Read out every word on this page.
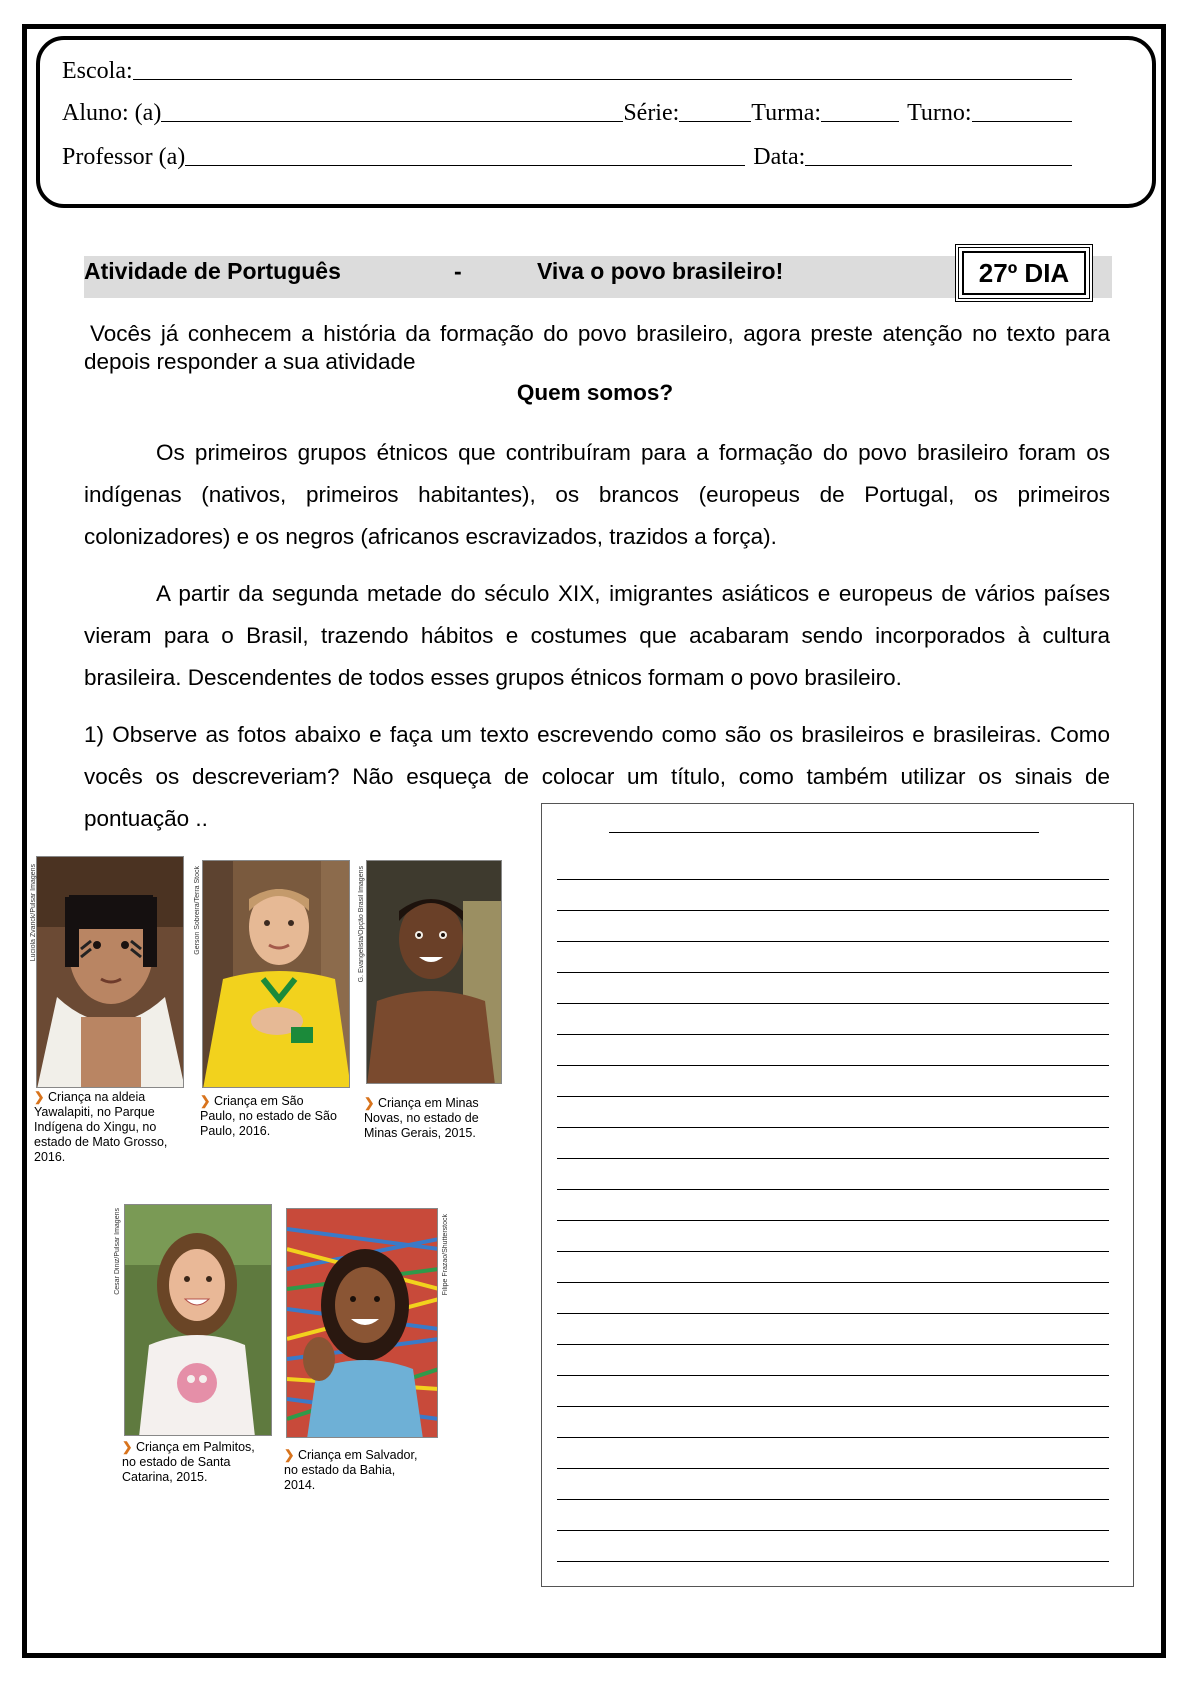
Escola:
Aluno: (a)	Série:	Turma:	Turno:
Professor (a)	Data:
Atividade de Português	-	Viva o povo brasileiro!	27º DIA
Vocês já conhecem a história da formação do povo brasileiro, agora preste atenção no texto para depois responder a sua atividade
Quem somos?
Os primeiros grupos étnicos que contribuíram para a formação do povo brasileiro foram os indígenas (nativos, primeiros habitantes), os brancos (europeus de Portugal, os primeiros colonizadores) e os negros (africanos escravizados, trazidos a força).
A partir da segunda metade do século XIX, imigrantes asiáticos e europeus de vários países vieram para o Brasil, trazendo hábitos e costumes que acabaram sendo incorporados à cultura brasileira. Descendentes de todos esses grupos étnicos formam o povo brasileiro.
1) Observe as fotos abaixo e faça um texto escrevendo como são os brasileiros e brasileiras. Como vocês os descreveriam? Não esqueça de colocar um título, como também utilizar os sinais de pontuação ..
Luciola Zvarick/Pulsar Imagens	Gerson Sobreira/Terra Stock	G. Evangelista/Opção Brasil Imagens
❯ Criança na aldeia Yawalapiti, no Parque Indígena do Xingu, no estado de Mato Grosso, 2016.
❯ Criança em São Paulo, no estado de São Paulo, 2016.
❯ Criança em Minas Novas, no estado de Minas Gerais, 2015.
Cesar Diniz/Pulsar Imagens	Filipe Frazao/Shutterstock
❯ Criança em Palmitos, no estado de Santa Catarina, 2015.
❯ Criança em Salvador, no estado da Bahia, 2014.
